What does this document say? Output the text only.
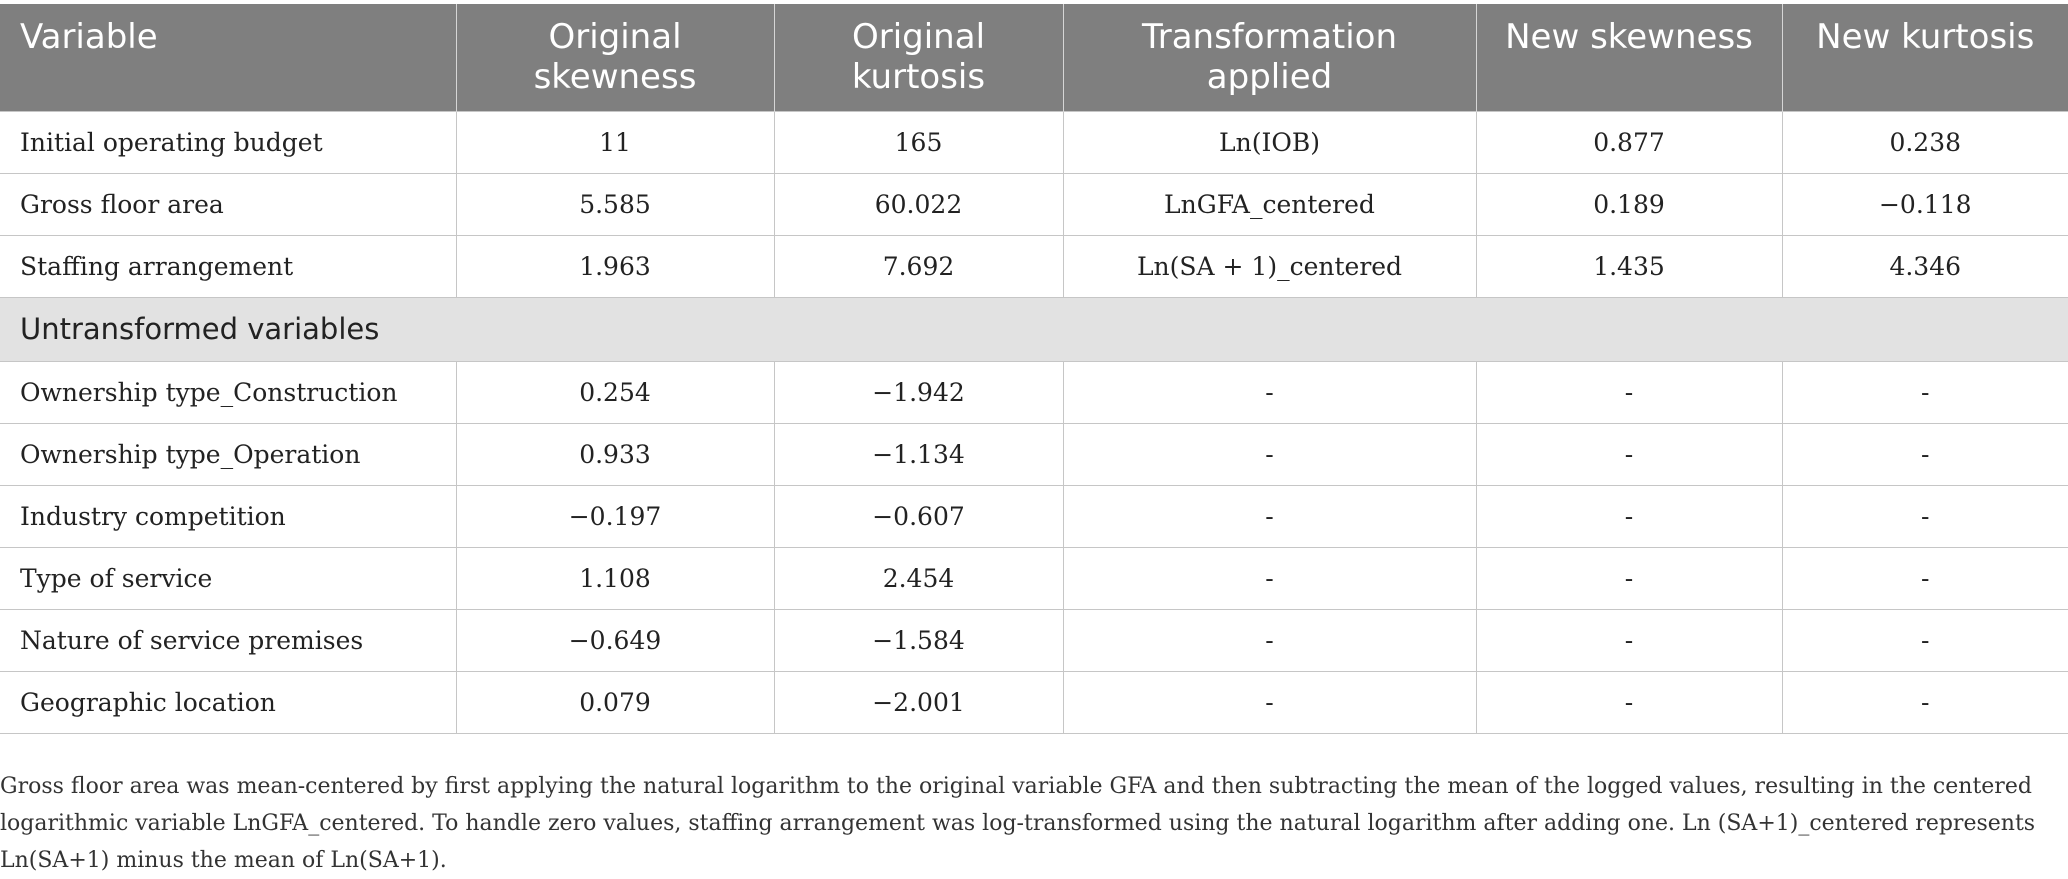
Variable	Original skewness	Original kurtosis	Transformation applied	New skewness	New kurtosis
Initial operating budget	11	165	Ln(IOB)	0.877	0.238
Gross floor area	5.585	60.022	LnGFA_centered	0.189	−0.118
Staffing arrangement	1.963	7.692	Ln(SA + 1)_centered	1.435	4.346
Untransformed variables					
Ownership type_Construction	0.254	−1.942	-	-	-
Ownership type_Operation	0.933	−1.134	-	-	-
Industry competition	−0.197	−0.607	-	-	-
Type of service	1.108	2.454	-	-	-
Nature of service premises	−0.649	−1.584	-	-	-
Geographic location	0.079	−2.001	-	-	-

Gross floor area was mean-centered by first applying the natural logarithm to the original variable GFA and then subtracting the mean of the logged values, resulting in the centered logarithmic variable LnGFA_centered. To handle zero values, staffing arrangement was log-transformed using the natural logarithm after adding one. Ln (SA+1)_centered represents Ln(SA+1) minus the mean of Ln(SA+1).
